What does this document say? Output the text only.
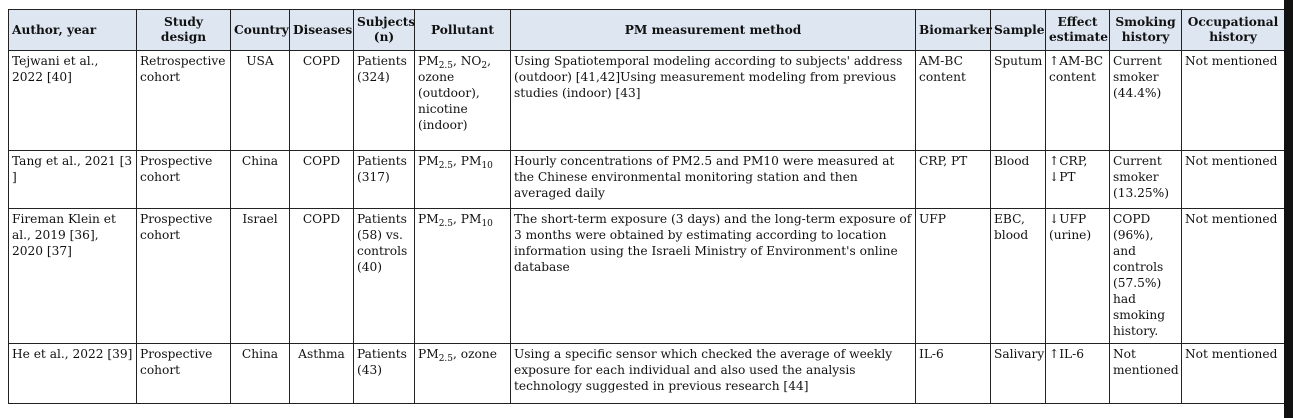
Author, year	Study design	Country	Diseases	Subjects (n)	Pollutant	PM measurement method	Biomarker	Sample	Effect estimate	Smoking history	Occupational history
Tejwani et al., 2022 [40]	Retrospective cohort	USA	COPD	Patients (324)	$PM_{2.5}$, $NO_2$, ozone (outdoor), nicotine (indoor)	Using Spatiotemporal modeling according to subjects' address (outdoor) [41,42]Using measurement modeling from previous studies (indoor) [43]	AM-BC content	Sputum	↑AM-BC content	Current smoker (44.4%)	Not mentioned
Tang et al., 2021 [3 ]	Prospective cohort	China	COPD	Patients (317)	$PM_{2.5}$, $PM_{10}$	Hourly concentrations of PM2.5 and PM10 were measured at the Chinese environmental monitoring station and then averaged daily	CRP, PT	Blood	↑CRP, ↓PT	Current smoker (13.25%)	Not mentioned
Fireman Klein et al., 2019 [36], 2020 [37]	Prospective cohort	Israel	COPD	Patients (58) vs. controls (40)	$PM_{2.5}$, $PM_{10}$	The short-term exposure (3 days) and the long-term exposure of 3 months were obtained by estimating according to location information using the Israeli Ministry of Environment's online database	UFP	EBC, blood	↓UFP (urine)	COPD (96%), and controls (57.5%) had smoking history.	Not mentioned
He et al., 2022 [39]	Prospective cohort	China	Asthma	Patients (43)	$PM_{2.5}$, ozone	Using a specific sensor which checked the average of weekly exposure for each individual and also used the analysis technology suggested in previous research [44]	IL-6	Salivary	↑IL-6	Not mentioned	Not mentioned
